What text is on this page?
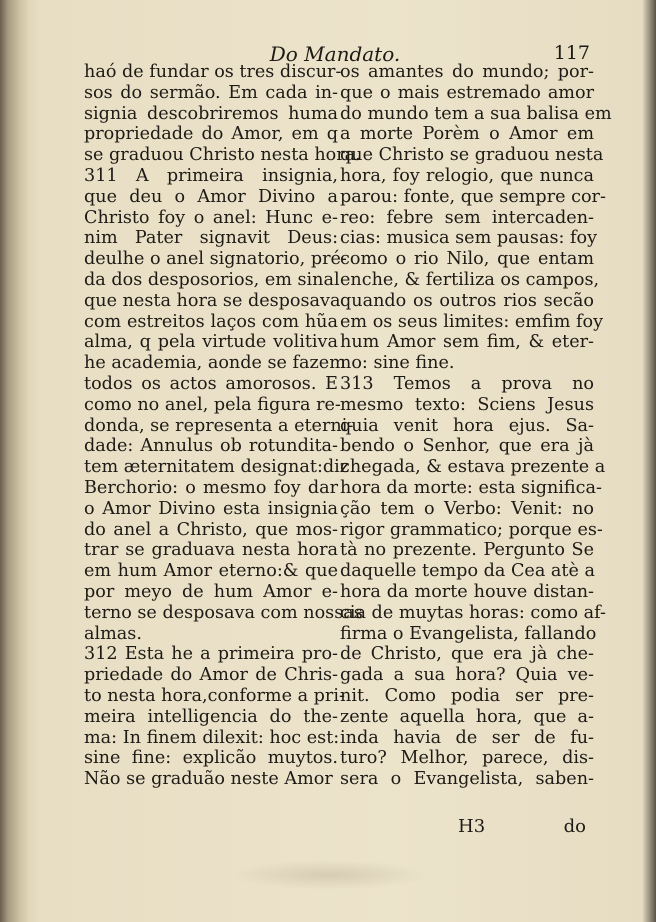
Do Mandato.	117

haó de fundar os tres discur-

sos do sermão. Em cada in-

signia descobriremos huma

propriedade do Amor, em q

se graduou Christo nesta hora.

311 A primeira insignia,

que deu o Amor Divino a

Christo foy o anel: Hunc e-

nim Pater signavit Deus:

deulhe o anel signatorio, pré-

da dos desposorios, em sinal

que nesta hora se desposava

com estreitos laços com hũa

alma, q pela virtude volitiva

he academia, aonde se fazem

todos os actos amorosos. E

como no anel, pela figura re-

donda, se representa a eterni-

dade: Annulus ob rotundita-

tem æternitatem designat:diz

Berchorio: o mesmo foy dar

o Amor Divino esta insignia

do anel a Christo, que mos-

trar se graduava nesta hora

em hum Amor eterno:& que

por meyo de hum Amor e-

terno se desposava com nossas

almas.

312 Esta he a primeira pro-

priedade do Amor de Chris-

to nesta hora,conforme a pri-

meira intelligencia do the-

ma: In finem dilexit: hoc est:

sine fine: explicão muytos.

Não se graduão neste Amor

os amantes do mundo; por-

que o mais estremado amor

do mundo tem a sua balisa em

a morte Porèm o Amor em

que Christo se graduou nesta

hora, foy relogio, que nunca

parou: fonte, que sempre cor-

reo: febre sem intercaden-

cias: musica sem pausas: foy

como o rio Nilo, que entam

enche, & fertiliza os campos,

quando os outros rios secão

em os seus limites: emfim foy

hum Amor sem fim, & eter-

no: sine fine.

313 Temos a prova no

mesmo texto: Sciens Jesus

quia venit hora ejus. Sa-

bendo o Senhor, que era jà

chegada, & estava prezente a

hora da morte: esta significa-

ção tem o Verbo: Venit: no

rigor grammatico; porque es-

tà no prezente. Pergunto Se

daquelle tempo da Cea atè a

hora da morte houve distan-

cia de muytas horas: como af-

firma o Evangelista, fallando

de Christo, que era jà che-

gada a sua hora? Quia ve-

nit. Como podia ser pre-

zente aquella hora, que a-

inda havia de ser de fu-

turo? Melhor, parece, dis-

sera o Evangelista, saben-

H3	do
